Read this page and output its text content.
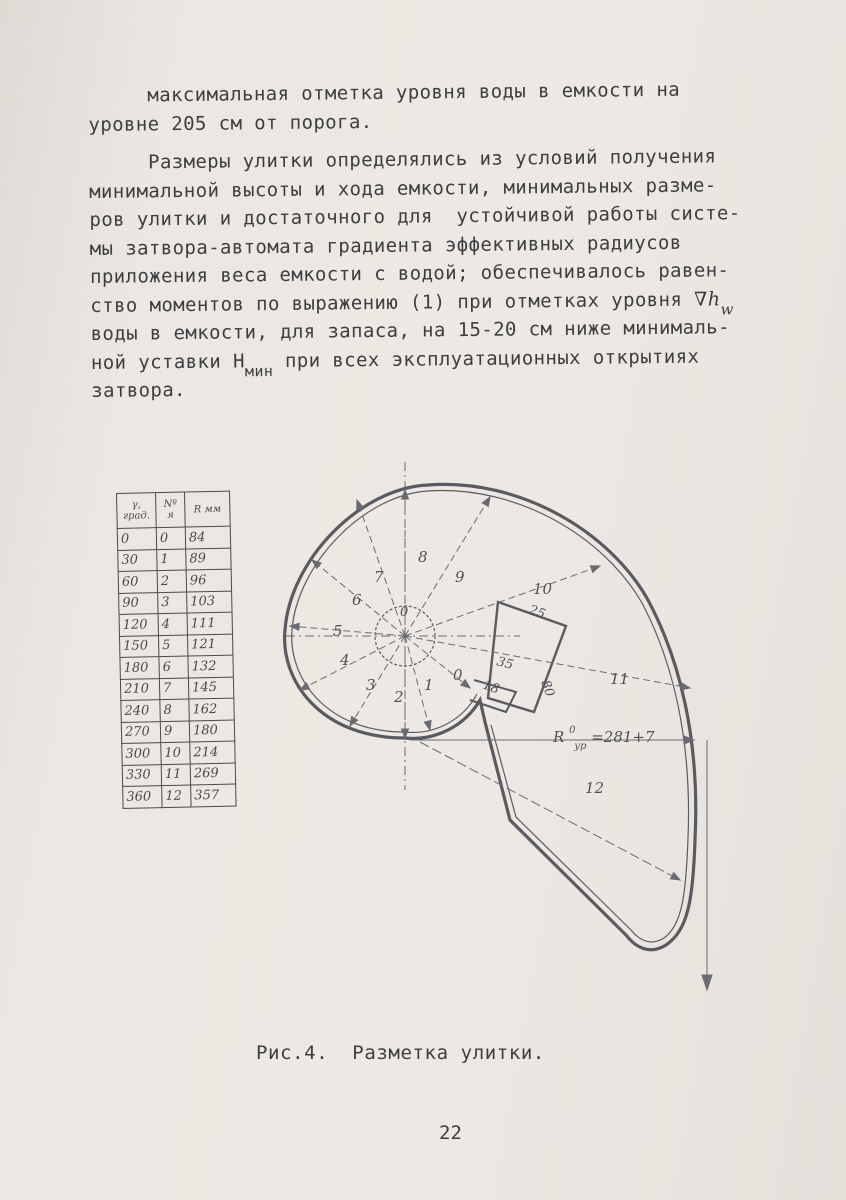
максимальная отметка уровня воды в емкости на
уровне 205 см от порога.
Размеры улитки определялись из условий получения
минимальной высоты и хода емкости, минимальных разме-
ров улитки и достаточного для  устойчивой работы систе-
мы затвора-автомата градиента эффективных радиусов
приложения веса емкости с водой; обеспечивалось равен-
ство моментов по выражению (1) при отметках уровня $\nabla h_w$
воды в емкости, для запаса, на 15-20 см ниже минималь-
ной уставки $H_{мин}$ при всех эксплуатационных открытиях
затвора.
γ, град.	Nº я	R мм
0	0	84
30	1	89
60	2	96
90	3	103
120	4	111
150	5	121
180	6	132
210	7	145
240	8	162
270	9	180
300	10	214
330	11	269
360	12	357
0
1
2
3
4
5
6
7
8
9
10
11
12
0	25
35
18	80
R $^0$ ур =281+7
Рис.4.  Разметка улитки.
22
